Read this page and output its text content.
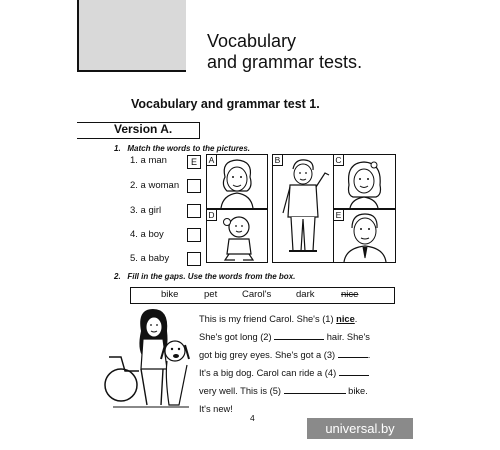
Vocabulary
and grammar tests.
Vocabulary and grammar test 1.
Version A.
1. Match the words to the pictures.
1. a man	E
2. a woman
3. a girl
4. a boy
5. a baby
A	B	C
D	E
2. Fill in the gaps. Use the words from the box.
bike	pet	Carol's	dark	nice
This is my friend Carol. She's (1) nice.
She's got long (2)	hair. She's
got big grey eyes. She's got a (3)	.
It's a big dog. Carol can ride a (4)
very well. This is (5)	bike.
It's new!
4
universal.by
